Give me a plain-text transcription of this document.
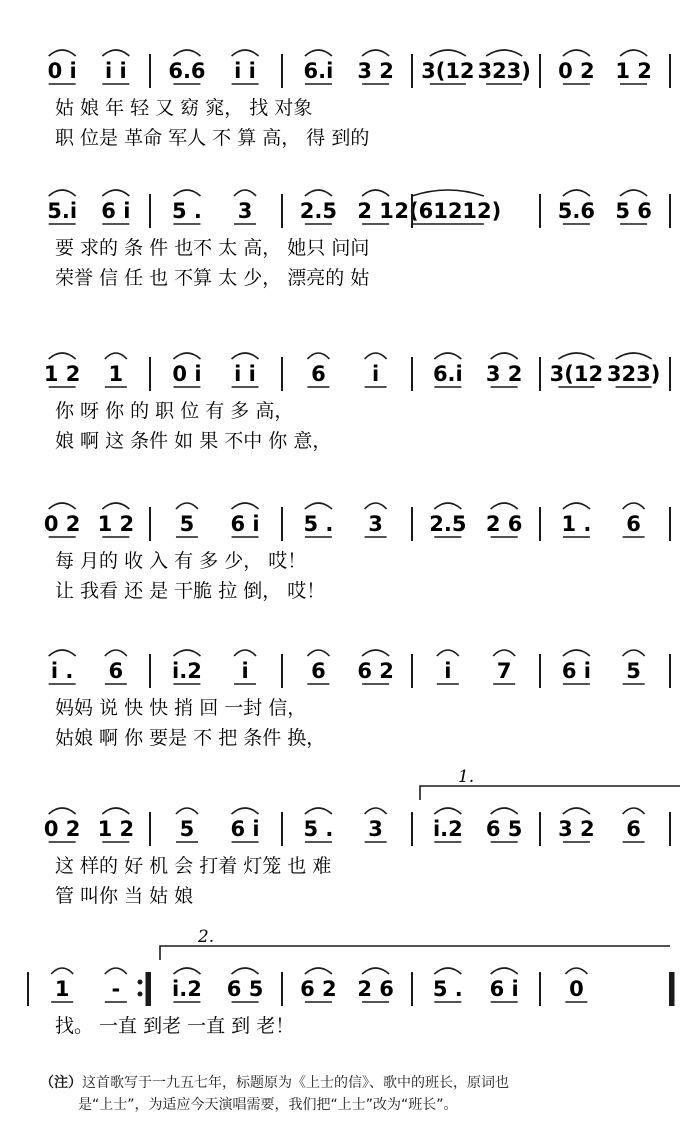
0 i i i 6.6 i i 6.i 3 2 3(12 323) 0 2 1 2
姑 娘 年 轻 又 窈 窕， 找 对象
职 位是 革命 军人 不 算 高， 得 到的
5.i 6 i 5 . 3 2.5 2 1 2(61212)	5.6 5 6
要 求的 条 件 也不 太 高， 她只 问问
荣誉 信 任 也 不算 太 少， 漂亮的 姑
1 2 1 0 i i i	6 i	6.i 3 2 3(12 323)
你 呀 你 的 职 位 有 多 高，
娘 啊 这 条件 如 果 不中 你 意，
0 2 1 2 5 6 i 5 . 3 2.5 2 6 1 . 6
每 月的 收 入 有 多 少， 哎！
让 我看 还 是 干脆 拉 倒， 哎！
i . 6 i.2 i	6 6 2 i 7 6 i 5
妈妈 说 快 快 捎 回 一封 信，
姑娘 啊 你 要是 不 把 条件 换，
0 2 1 2 5 6 i 5 . 3 i.2 6 5 3 2 6
1.
这 样的 好 机 会 打着 灯笼 也 难
管 叫你 当 姑 娘
1 - i.2 6 5 6 2 2 6 5 . 6 i 0
2.
找。 一直 到老 一直 到 老！
（注）这首歌写于一九五七年，标题原为《上士的信》、歌中的班长，原词也
是“上士”，为适应今天演唱需要，我们把“上士”改为“班长”。
